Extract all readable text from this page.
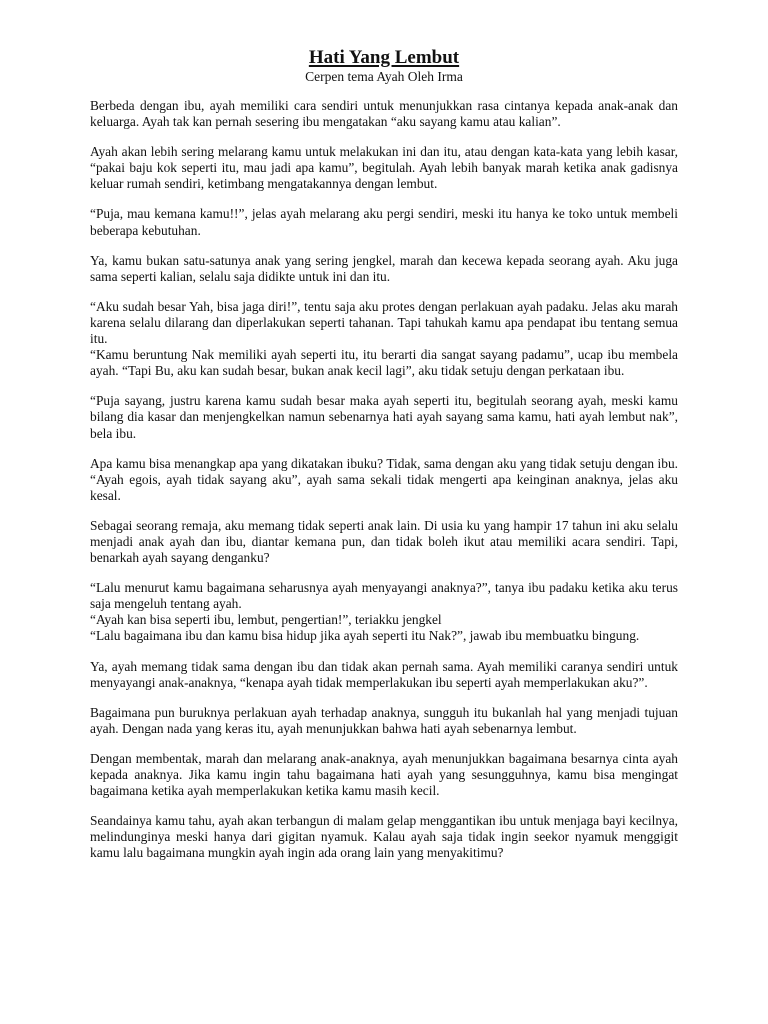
Hati Yang Lembut
Cerpen tema Ayah Oleh Irma

Berbeda dengan ibu, ayah memiliki cara sendiri untuk menunjukkan rasa cintanya kepada anak-anak dan keluarga. Ayah tak kan pernah sesering ibu mengatakan “aku sayang kamu atau kalian”.

Ayah akan lebih sering melarang kamu untuk melakukan ini dan itu, atau dengan kata-kata yang lebih kasar, “pakai baju kok seperti itu, mau jadi apa kamu”, begitulah. Ayah lebih banyak marah ketika anak gadisnya keluar rumah sendiri, ketimbang mengatakannya dengan lembut.

“Puja, mau kemana kamu!!”, jelas ayah melarang aku pergi sendiri, meski itu hanya ke toko untuk membeli beberapa kebutuhan.

Ya, kamu bukan satu-satunya anak yang sering jengkel, marah dan kecewa kepada seorang ayah. Aku juga sama seperti kalian, selalu saja didikte untuk ini dan itu.

“Aku sudah besar Yah, bisa jaga diri!”, tentu saja aku protes dengan perlakuan ayah padaku. Jelas aku marah karena selalu dilarang dan diperlakukan seperti tahanan. Tapi tahukah kamu apa pendapat ibu tentang semua itu.

“Kamu beruntung Nak memiliki ayah seperti itu, itu berarti dia sangat sayang padamu”, ucap ibu membela ayah. “Tapi Bu, aku kan sudah besar, bukan anak kecil lagi”, aku tidak setuju dengan perkataan ibu.

“Puja sayang, justru karena kamu sudah besar maka ayah seperti itu, begitulah seorang ayah, meski kamu bilang dia kasar dan menjengkelkan namun sebenarnya hati ayah sayang sama kamu, hati ayah lembut nak”, bela ibu.

Apa kamu bisa menangkap apa yang dikatakan ibuku? Tidak, sama dengan aku yang tidak setuju dengan ibu. “Ayah egois, ayah tidak sayang aku”, ayah sama sekali tidak mengerti apa keinginan anaknya, jelas aku kesal.

Sebagai seorang remaja, aku memang tidak seperti anak lain. Di usia ku yang hampir 17 tahun ini aku selalu menjadi anak ayah dan ibu, diantar kemana pun, dan tidak boleh ikut atau memiliki acara sendiri. Tapi, benarkah ayah sayang denganku?

“Lalu menurut kamu bagaimana seharusnya ayah menyayangi anaknya?”, tanya ibu padaku ketika aku terus saja mengeluh tentang ayah.

“Ayah kan bisa seperti ibu, lembut, pengertian!”, teriakku jengkel

“Lalu bagaimana ibu dan kamu bisa hidup jika ayah seperti itu Nak?”, jawab ibu membuatku bingung.

Ya, ayah memang tidak sama dengan ibu dan tidak akan pernah sama. Ayah memiliki caranya sendiri untuk menyayangi anak-anaknya, “kenapa ayah tidak memperlakukan ibu seperti ayah memperlakukan aku?”.

Bagaimana pun buruknya perlakuan ayah terhadap anaknya, sungguh itu bukanlah hal yang menjadi tujuan ayah. Dengan nada yang keras itu, ayah menunjukkan bahwa hati ayah sebenarnya lembut.

Dengan membentak, marah dan melarang anak-anaknya, ayah menunjukkan bagaimana besarnya cinta ayah kepada anaknya. Jika kamu ingin tahu bagaimana hati ayah yang sesungguhnya, kamu bisa mengingat bagaimana ketika ayah memperlakukan ketika kamu masih kecil.

Seandainya kamu tahu, ayah akan terbangun di malam gelap menggantikan ibu untuk menjaga bayi kecilnya, melindunginya meski hanya dari gigitan nyamuk. Kalau ayah saja tidak ingin seekor nyamuk menggigit kamu lalu bagaimana mungkin ayah ingin ada orang lain yang menyakitimu?
